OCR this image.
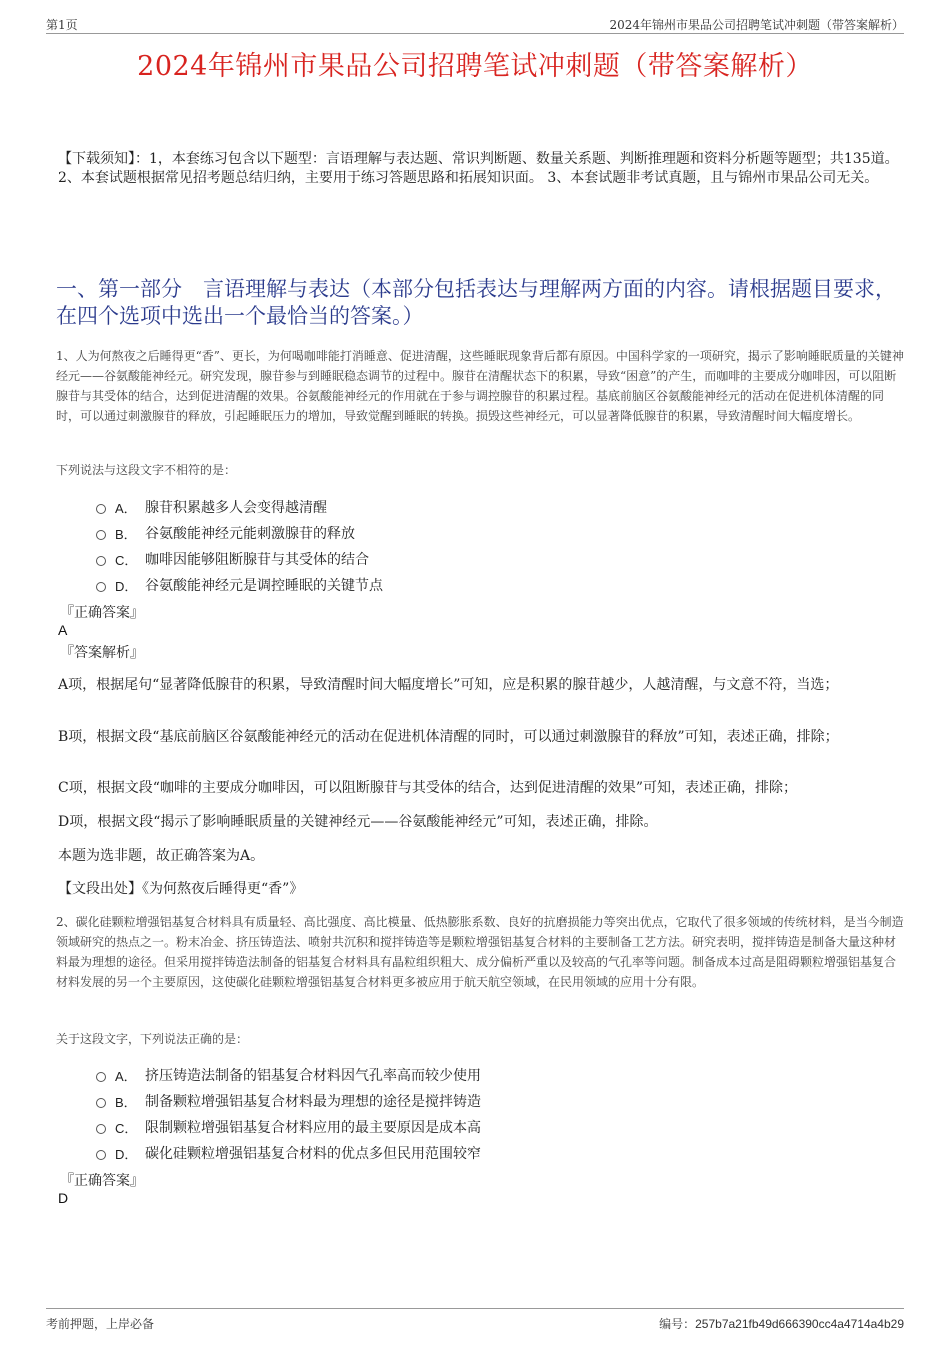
第1页	2024年锦州市果品公司招聘笔试冲刺题（带答案解析）
2024年锦州市果品公司招聘笔试冲刺题（带答案解析）
【下载须知】：1，本套练习包含以下题型：言语理解与表达题、常识判断题、数量关系题、判断推理题和资料分析题等题型；共135道。 2、本套试题根据常见招考题总结归纳，主要用于练习答题思路和拓展知识面。 3、本套试题非考试真题，且与锦州市果品公司无关。
一、第一部分　言语理解与表达（本部分包括表达与理解两方面的内容。请根据题目要求，在四个选项中选出一个最恰当的答案。）
1、人为何熬夜之后睡得更“香”、更长，为何喝咖啡能打消睡意、促进清醒，这些睡眠现象背后都有原因。中国科学家的一项研究，揭示了影响睡眠质量的关键神经元——谷氨酸能神经元。研究发现，腺苷参与到睡眠稳态调节的过程中。腺苷在清醒状态下的积累，导致“困意”的产生，而咖啡的主要成分咖啡因，可以阻断腺苷与其受体的结合，达到促进清醒的效果。谷氨酸能神经元的作用就在于参与调控腺苷的积累过程。基底前脑区谷氨酸能神经元的活动在促进机体清醒的同时，可以通过刺激腺苷的释放，引起睡眠压力的增加，导致觉醒到睡眠的转换。损毁这些神经元，可以显著降低腺苷的积累，导致清醒时间大幅度增长。
下列说法与这段文字不相符的是：
A． 腺苷积累越多人会变得越清醒
B． 谷氨酸能神经元能刺激腺苷的释放
C． 咖啡因能够阻断腺苷与其受体的结合
D． 谷氨酸能神经元是调控睡眠的关键节点
『正确答案』
A
『答案解析』
A项，根据尾句“显著降低腺苷的积累，导致清醒时间大幅度增长”可知，应是积累的腺苷越少，人越清醒，与文意不符，当选；
B项，根据文段“基底前脑区谷氨酸能神经元的活动在促进机体清醒的同时，可以通过刺激腺苷的释放”可知，表述正确，排除；
C项，根据文段“咖啡的主要成分咖啡因，可以阻断腺苷与其受体的结合，达到促进清醒的效果”可知，表述正确，排除；
D项，根据文段“揭示了影响睡眠质量的关键神经元——谷氨酸能神经元”可知，表述正确，排除。
本题为选非题，故正确答案为A。
【文段出处】《为何熬夜后睡得更“香”》
2、碳化硅颗粒增强铝基复合材料具有质量轻、高比强度、高比模量、低热膨胀系数、良好的抗磨损能力等突出优点，它取代了很多领域的传统材料，是当今制造领域研究的热点之一。粉末冶金、挤压铸造法、喷射共沉积和搅拌铸造等是颗粒增强铝基复合材料的主要制备工艺方法。研究表明，搅拌铸造是制备大量这种材料最为理想的途径。但采用搅拌铸造法制备的铝基复合材料具有晶粒组织粗大、成分偏析严重以及较高的气孔率等问题。制备成本过高是阻碍颗粒增强铝基复合材料发展的另一个主要原因，这使碳化硅颗粒增强铝基复合材料更多被应用于航天航空领域，在民用领域的应用十分有限。
关于这段文字，下列说法正确的是：
A． 挤压铸造法制备的铝基复合材料因气孔率高而较少使用
B． 制备颗粒增强铝基复合材料最为理想的途径是搅拌铸造
C． 限制颗粒增强铝基复合材料应用的最主要原因是成本高
D． 碳化硅颗粒增强铝基复合材料的优点多但民用范围较窄
『正确答案』
D
考前押题，上岸必备	编号：257b7a21fb49d666390cc4a4714a4b29
